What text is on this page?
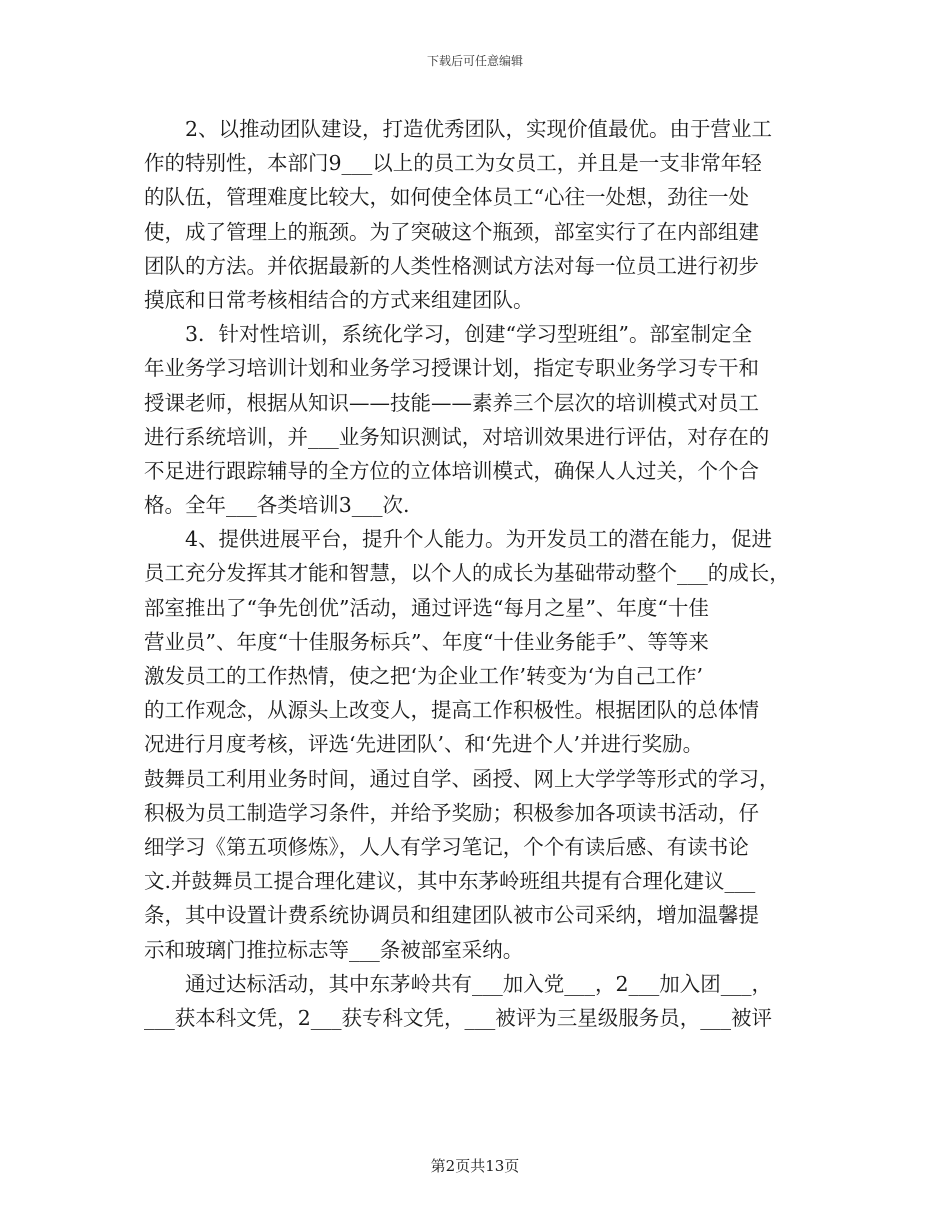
下载后可任意编辑
　　2、以推动团队建设，打造优秀团队，实现价值最优。由于营业工
作的特别性，本部门9___以上的员工为女员工，并且是一支非常年轻
的队伍，管理难度比较大，如何使全体员工“心往一处想，劲往一处
使，成了管理上的瓶颈。为了突破这个瓶颈，部室实行了在内部组建
团队的方法。并依据最新的人类性格测试方法对每一位员工进行初步
摸底和日常考核相结合的方式来组建团队。
　　3．针对性培训，系统化学习，创建“学习型班组”。部室制定全
年业务学习培训计划和业务学习授课计划，指定专职业务学习专干和
授课老师，根据从知识——技能——素养三个层次的培训模式对员工
进行系统培训，并___业务知识测试，对培训效果进行评估，对存在的
不足进行跟踪辅导的全方位的立体培训模式，确保人人过关，个个合
格。全年___各类培训3___次.
　　4、提供进展平台，提升个人能力。为开发员工的潜在能力，促进
员工充分发挥其才能和智慧，以个人的成长为基础带动整个___的成长，
部室推出了“争先创优”活动，通过评选“每月之星”、年度“十佳
营业员”、年度“十佳服务标兵”、年度“十佳业务能手”、等等来
激发员工的工作热情，使之把‘为企业工作’转变为‘为自己工作’
的工作观念，从源头上改变人，提高工作积极性。根据团队的总体情
况进行月度考核，评选‘先进团队’、和‘先进个人’并进行奖励。
鼓舞员工利用业务时间，通过自学、函授、网上大学学等形式的学习，
积极为员工制造学习条件，并给予奖励；积极参加各项读书活动，仔
细学习《第五项修炼》，人人有学习笔记，个个有读后感、有读书论
文.并鼓舞员工提合理化建议，其中东茅岭班组共提有合理化建议___
条，其中设置计费系统协调员和组建团队被市公司采纳，增加温馨提
示和玻璃门推拉标志等___条被部室采纳。
　　通过达标活动，其中东茅岭共有___加入党___，2___加入团___，
___获本科文凭，2___获专科文凭，___被评为三星级服务员，___被评
第2页共13页
